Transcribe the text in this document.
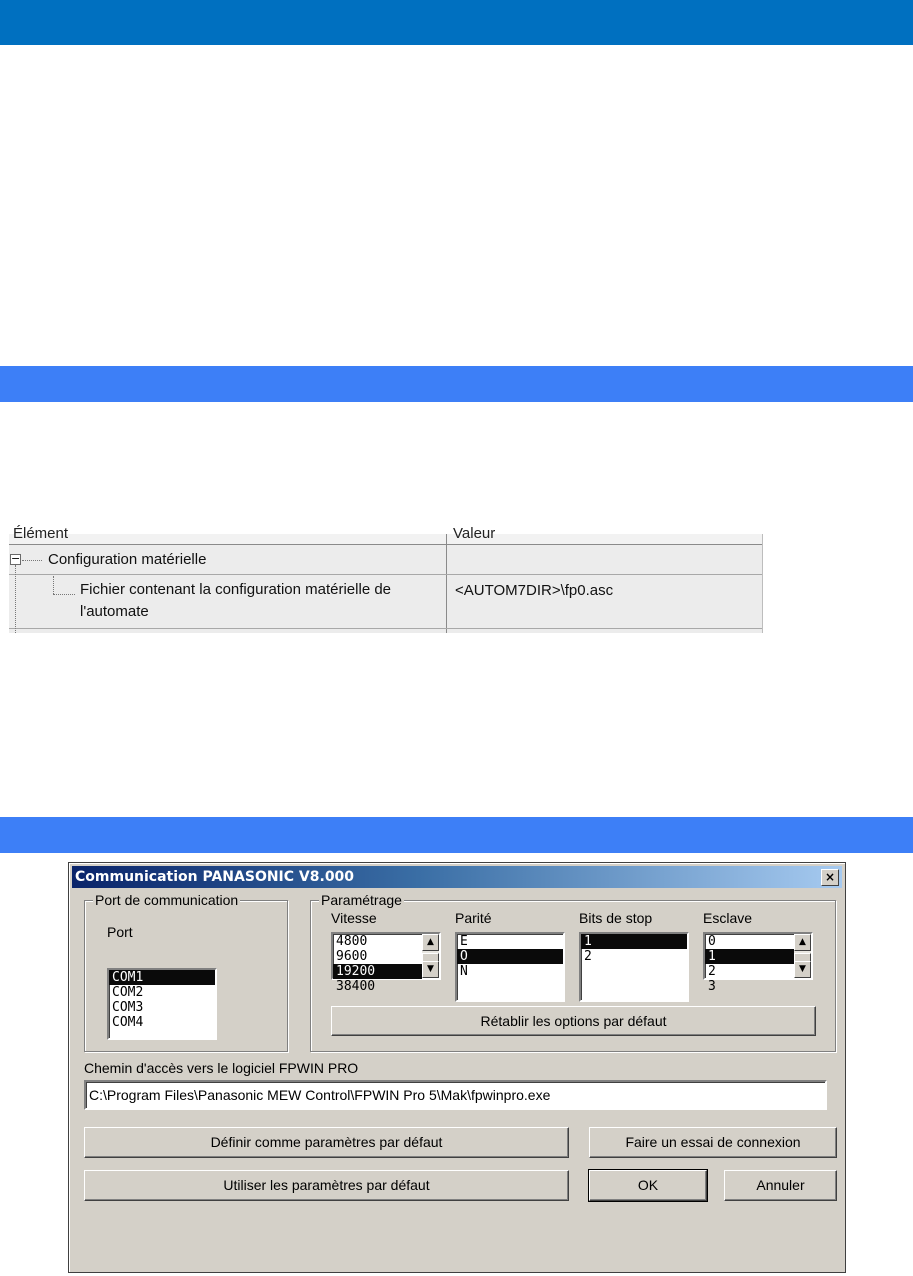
Élément	Valeur
− Configuration matérielle
Fichier contenant la configuration matérielle de
l'automate
<AUTOM7DIR>\fp0.asc
Communication PANASONIC V8.000	×
Port de communication
Port
COM1
COM2
COM3
COM4
Paramétrage
Vitesse
4800
9600
19200
38400
▲
▼
Parité
E
O
N
Bits de stop
1
2
Esclave
0
1
2
3
▲
▼
Rétablir les options par défaut
Chemin d'accès vers le logiciel FPWIN PRO
C:\Program Files\Panasonic MEW Control\FPWIN Pro 5\Mak\fpwinpro.exe
Définir comme paramètres par défaut	Faire un essai de connexion
Utiliser les paramètres par défaut	OK	Annuler
